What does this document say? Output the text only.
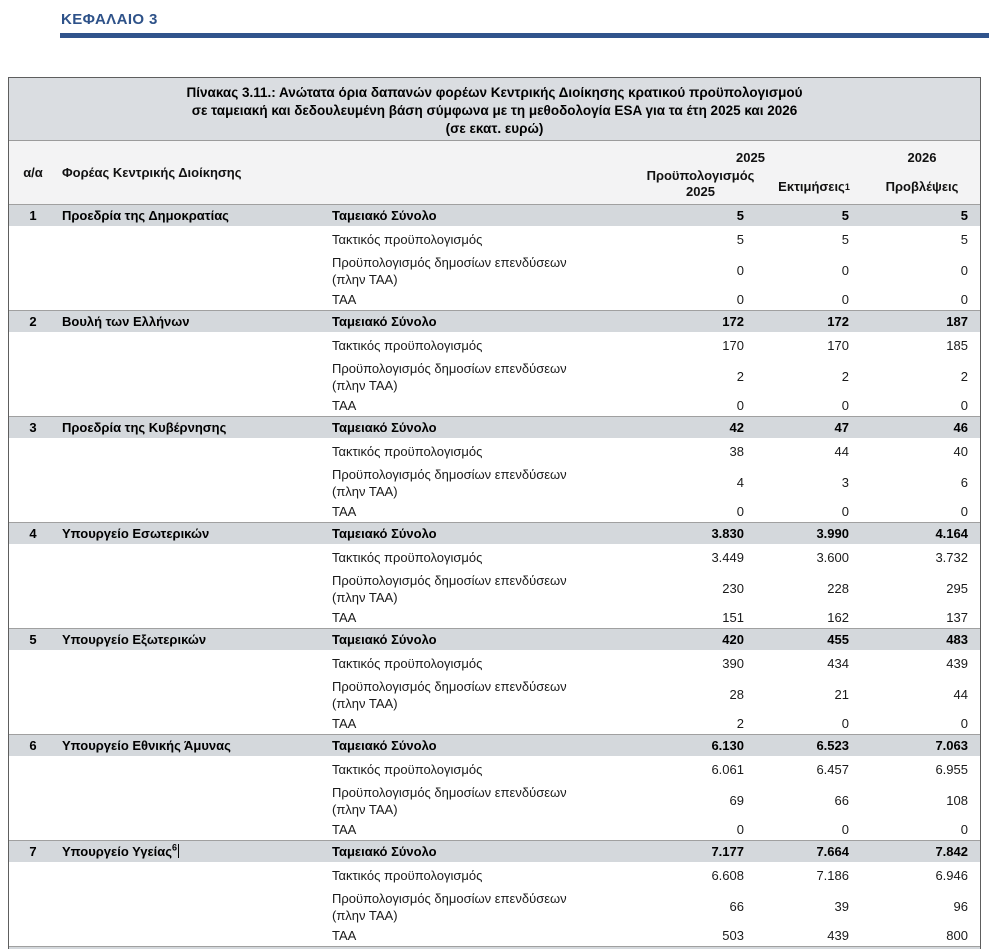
ΚΕΦΑΛΑΙΟ 3
Πίνακας 3.11.: Ανώτατα όρια δαπανών φορέων Κεντρικής Διοίκησης κρατικού προϋπολογισμού
σε ταμειακή και δεδουλευμένη βάση σύμφωνα με τη μεθοδολογία ESA για τα έτη 2025 και 2026
(σε εκατ. ευρώ)
α/α	Φορέας Κεντρικής Διοίκησης
2025	2026
Προϋπολογισμός
2025	Εκτιμήσεις 1	Προβλέψεις
1	Προεδρία της Δημοκρατίας	Ταμειακό Σύνολο	5	5	5
Τακτικός προϋπολογισμός	5	5	5
Προϋπολογισμός δημοσίων επενδύσεων
(πλην ΤΑΑ)
0	0	0
ΤΑΑ	0	0	0
2	Βουλή των Ελλήνων	Ταμειακό Σύνολο	172	172	187
Τακτικός προϋπολογισμός	170	170	185
Προϋπολογισμός δημοσίων επενδύσεων
(πλην ΤΑΑ)
2	2	2
ΤΑΑ	0	0	0
3	Προεδρία της Κυβέρνησης	Ταμειακό Σύνολο	42	47	46
Τακτικός προϋπολογισμός	38	44	40
Προϋπολογισμός δημοσίων επενδύσεων
(πλην ΤΑΑ)
4	3	6
ΤΑΑ	0	0	0
4	Υπουργείο Εσωτερικών	Ταμειακό Σύνολο	3.830	3.990	4.164
Τακτικός προϋπολογισμός	3.449	3.600	3.732
Προϋπολογισμός δημοσίων επενδύσεων
(πλην ΤΑΑ)
230	228	295
ΤΑΑ	151	162	137
5	Υπουργείο Εξωτερικών	Ταμειακό Σύνολο	420	455	483
Τακτικός προϋπολογισμός	390	434	439
Προϋπολογισμός δημοσίων επενδύσεων
(πλην ΤΑΑ)
28	21	44
ΤΑΑ	2	0	0
6	Υπουργείο Εθνικής Άμυνας	Ταμειακό Σύνολο	6.130	6.523	7.063
Τακτικός προϋπολογισμός	6.061	6.457	6.955
Προϋπολογισμός δημοσίων επενδύσεων
(πλην ΤΑΑ)
69	66	108
ΤΑΑ	0	0	0
7	Υπουργείο Υγείας$^6$	Ταμειακό Σύνολο	7.177	7.664	7.842
Τακτικός προϋπολογισμός	6.608	7.186	6.946
Προϋπολογισμός δημοσίων επενδύσεων
(πλην ΤΑΑ)
66	39	96
ΤΑΑ	503	439	800
